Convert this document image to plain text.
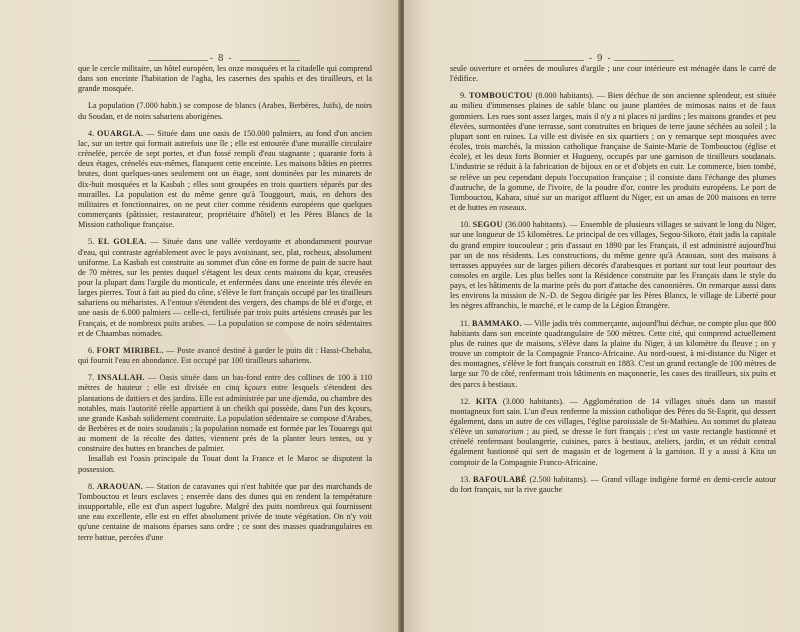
- 8 -

que le cercle militaire, un hôtel européen, les onze mosquées et la citadelle qui comprend dans son enceinte l'habitation de l'agha, les casernes des spahis et des tirailleurs, et la grande mosquée.

La population (7.000 habit.) se compose de blancs (Arabes, Berbères, Juifs), de noirs du Soudan, et de noirs sahariens aborigènes.

4. OUARGLA. — Située dans une oasis de 150.000 palmiers, au fond d'un ancien lac, sur un tertre qui formait autrefois une île ; elle est entourée d'une muraille circulaire crénelée, percée de sept portes, et d'un fossé rempli d'eau stagnante ; quarante forts à deux étages, crénelés eux-mêmes, flanquent cette enceinte. Les maisons bâties en pierres brutes, dont quelques-unes seulement ont un étage, sont dominées par les minarets de dix-huit mosquées et la Kasbah ; elles sont groupées en trois quartiers séparés par des murailles. La population est du même genre qu'à Touggourt, mais, en dehors des militaires et fonctionnaires, on ne peut citer comme résidents européens que quelques commerçants (pâtissier, restaurateur, propriétaire d'hôtel) et les Pères Blancs de la Mission catholique française.

5. EL GOLEA. — Située dans une vallée verdoyante et abondamment pourvue d'eau, qui contraste agréablement avec le pays avoisinant, sec, plat, rocheux, absolument uniforme. La Kasbah est construite au sommet d'un cône en forme de pain de sucre haut de 70 mètres, sur les pentes duquel s'étagent les deux cents maisons du kçar, creusées pour la plupart dans l'argile du monticule, et enfermées dans une enceinte très élevée en larges pierres. Tout à fait au pied du cône, s'élève le fort français occupé par les tirailleurs sahariens ou méharistes. A l'entour s'étendent des vergers, des champs de blé et d'orge, et une oasis de 6.000 palmiers — celle-ci, fertilisée par trois puits artésiens creusés par les Français, et de nombreux puits arabes. — La population se compose de noirs sédentaires et de Chaambas nomades.

6. FORT MIRIBEL. — Poste avancé destiné à garder le puits dit : Hassi-Chebaba, qui fournit l'eau en abondance. Est occupé par 100 tirailleurs sahariens.

7. INSALLAH. — Oasis située dans un bas-fond entre des collines de 100 à 110 mètres de hauteur ; elle est divisée en cinq kçours entre lesquels s'étendent des plantations de dattiers et des jardins. Elle est administrée par une djemâa, ou chambre des notables, mais l'autorité réelle appartient à un cheikh qui possède, dans l'un des kçours, une grande Kasbah solidement construite. La population sédentaire se compose d'Arabes, de Berbères et de noirs soudanais ; la population nomade est formée par les Touaregs qui au moment de la récolte des dattes, viennent près de la planter leurs tentes, ou y construire des huttes en branches de palmier.

Insallah est l'oasis principale du Touat dont la France et le Maroc se disputent la possession.

8. ARAOUAN. — Station de caravanes qui n'est habitée que par des marchands de Tombouctou et leurs esclaves ; enserrée dans des dunes qui en rendent la température insupportable, elle est d'un aspect lugubre. Malgré des puits nombreux qui fournissent une eau excellente, elle est en effet absolument privée de toute végétation. On n'y voit qu'une centaine de maisons éparses sans ordre ; ce sont des masses quadrangulaires en terre battue, percées d'une

- 9 -

seule ouverture et ornées de moulures d'argile ; une cour intérieure est ménagée dans le carré de l'édifice.

9. TOMBOUCTOU (8.000 habitants). — Bien déchue de son ancienne splendeur, est située au milieu d'immenses plaines de sable blanc ou jaune plantées de mimosas nains et de faux gommiers. Les rues sont assez larges, mais il n'y a ni places ni jardins ; les maisons grandes et peu élevées, surmontées d'une terrasse, sont construites en briques de terre jaune séchées au soleil ; la plupart sont en ruines. La ville est divisée en six quartiers ; on y remarque sept mosquées avec écoles, trois marchés, la mission catholique française de Sainte-Marie de Tombouctou (église et école), et les deux forts Bonnier et Hugueny, occupés par une garnison de tirailleurs soudanais. L'industrie se réduit à la fabrication de bijoux en or et d'objets en cuir. Le commerce, bien tombé, se relève un peu cependant depuis l'occupation française ; il consiste dans l'échange des plumes d'autruche, de la gomme, de l'ivoire, de la poudre d'or, contre les produits européens. Le port de Tombouctou, Kabara, situé sur un marigot affluent du Niger, est un amas de 200 maisons en terre et de huttes en roseaux.

10. SEGOU (36.000 habitants). — Ensemble de plusieurs villages se suivant le long du Niger, sur une longueur de 15 kilomètres. Le principal de ces villages, Segou-Sikoro, était jadis la capitale du grand empire toucouleur ; pris d'assaut en 1890 par les Français, il est administré aujourd'hui par un de nos résidents. Les constructions, du même genre qu'à Araouan, sont des maisons à terrasses appuyées sur de larges piliers décorés d'arabesques et portant sur tout leur pourtour des consoles en argile. Les plus belles sont la Résidence construite par les Français dans le style du pays, et les bâtiments de la marine près du port d'attache des canonnières. On remarque aussi dans les environs la mission de N.-D. de Segou dirigée par les Pères Blancs, le village de Liberté pour les nègres affranchis, le marché, et le camp de la Légion Étrangère.

11. BAMMAKO. — Ville jadis très commerçante, aujourd'hui déchue, ne compte plus que 800 habitants dans son enceinte quadrangulaire de 500 mètres. Cette cité, qui comprend actuellement plus de ruines que de maisons, s'élève dans la plaine du Niger, à un kilomètre du fleuve ; on y trouve un comptoir de la Compagnie Franco-Africaine. Au nord-ouest, à mi-distance du Niger et des montagnes, s'élève le fort français construit en 1883. C'est un grand rectangle de 100 mètres de large sur 70 de côté, renfermant trois bâtiments en maçonnerie, les cases des tirailleurs, six puits et des parcs à bestiaux.

12. KITA (3.000 habitants). — Agglomération de 14 villages situés dans un massif montagneux fort sain. L'un d'eux renferme la mission catholique des Pères du St-Esprit, qui dessert également, dans un autre de ces villages, l'église paroissiale de St-Mathieu. Au sommet du plateau s'élève un sanatorium ; au pied, se dresse le fort français ; c'est un vaste rectangle bastionné et crénelé renfermant boulangerie, cuisines, parcs à bestiaux, ateliers, jardin, et un réduit central également bastionné qui sert de magasin et de logement à la garnison. Il y a aussi à Kita un comptoir de la Compagnie Franco-Africaine.

13. BAFOULABÉ (2.500 habitants). — Grand village indigène formé en demi-cercle autour du fort français, sur la rive gauche
